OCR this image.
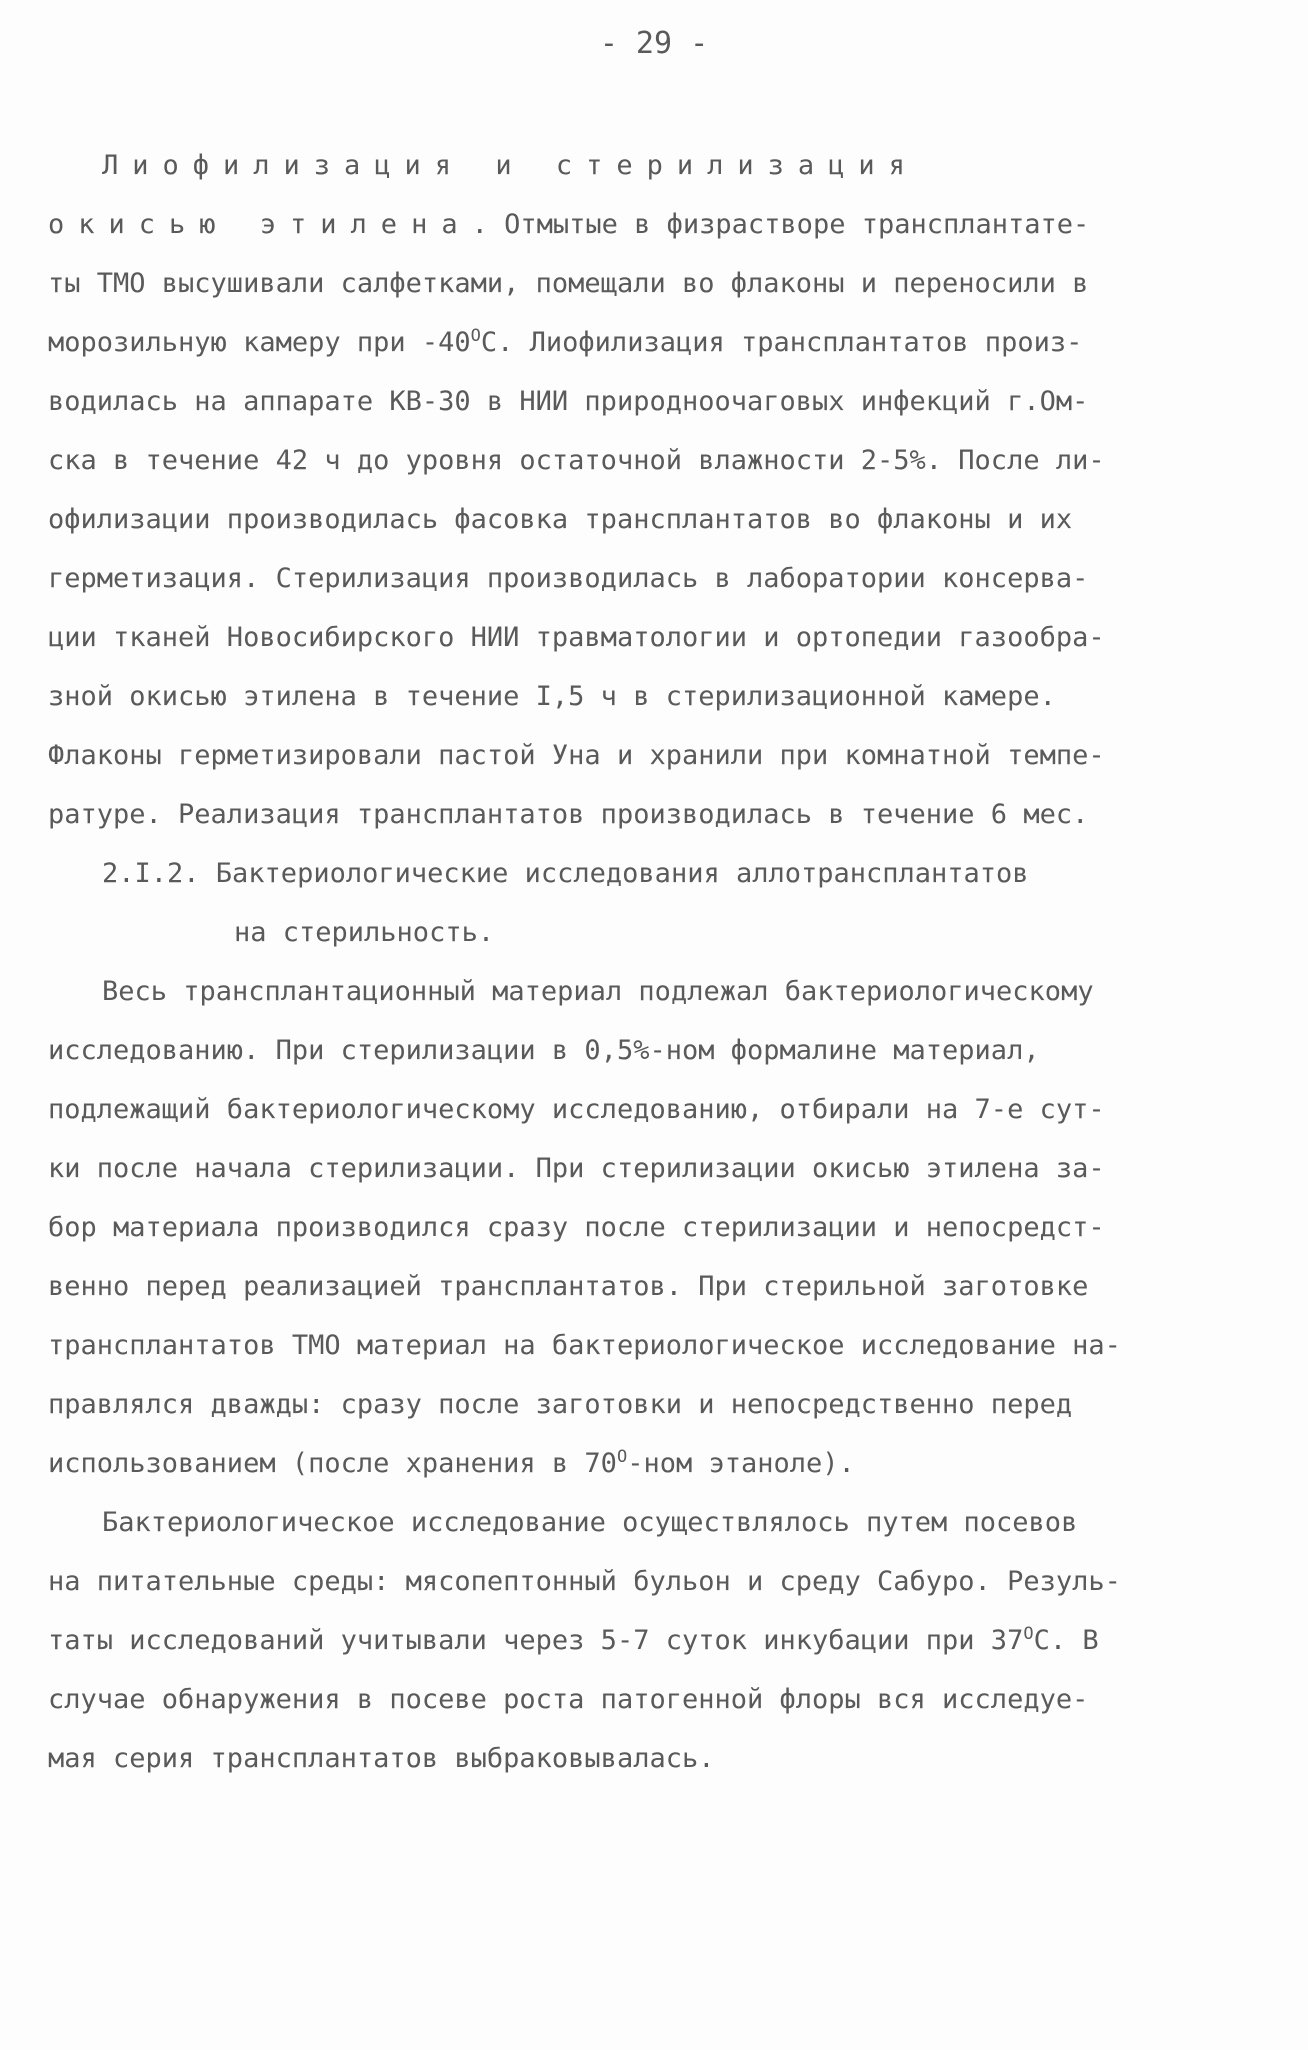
- 29 -
Лиофилизация и стерилизация
окисью этилена. Отмытые в физрастворе трансплантате-
ты ТМО высушивали салфетками, помещали во флаконы и переносили в
морозильную камеру при $-40^OС$. Лиофилизация трансплантатов произ-
водилась на аппарате КВ-30 в НИИ природноочаговых инфекций г.Ом-
ска в течение 42 ч до уровня остаточной влажности 2-5%. После ли-
офилизации производилась фасовка трансплантатов во флаконы и их
герметизация. Стерилизация производилась в лаборатории консерва-
ции тканей Новосибирского НИИ травматологии и ортопедии газообра-
зной окисью этилена в течение I,5 ч в стерилизационной камере.
Флаконы герметизировали пастой Уна и хранили при комнатной темпе-
ратуре. Реализация трансплантатов производилась в течение 6 мес.
2.I.2. Бактериологические исследования аллотрансплантатов
на стерильность.
Весь трансплантационный материал подлежал бактериологическому
исследованию. При стерилизации в 0,5%-ном формалине материал,
подлежащий бактериологическому исследованию, отбирали на 7-е сут-
ки после начала стерилизации. При стерилизации окисью этилена за-
бор материала производился сразу после стерилизации и непосредст-
венно перед реализацией трансплантатов. При стерильной заготовке
трансплантатов ТМО материал на бактериологическое исследование на-
правлялся дважды: сразу после заготовки и непосредственно перед
использованием (после хранения в $70^O$-ном этаноле).
Бактериологическое исследование осуществлялось путем посевов
на питательные среды: мясопептонный бульон и среду Сабуро. Резуль-
таты исследований учитывали через 5-7 суток инкубации при $37^OС$. В
случае обнаружения в посеве роста патогенной флоры вся исследуе-
мая серия трансплантатов выбраковывалась.
